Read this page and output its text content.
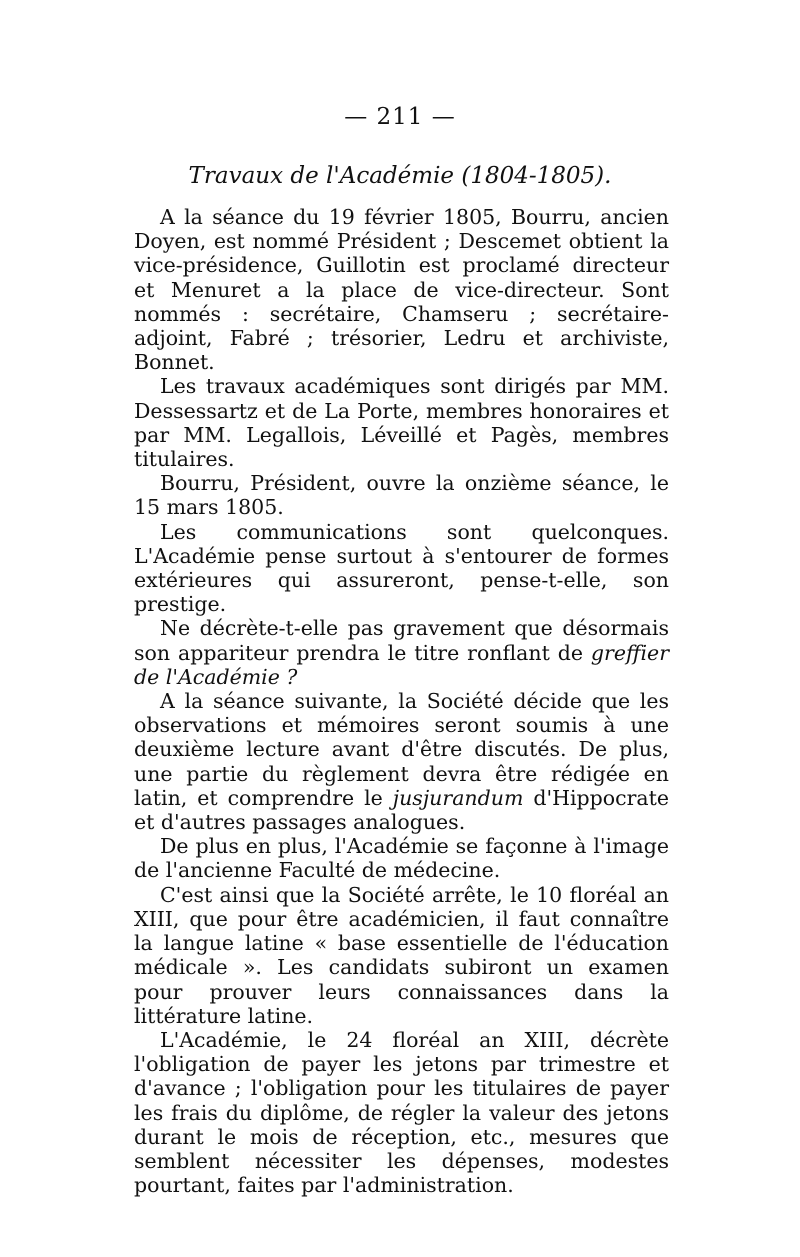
— 211 —
Travaux de l'Académie (1804-1805).

A la séance du 19 février 1805, Bourru, ancien Doyen, est nommé Président ; Descemet obtient la vice-présidence, Guillotin est proclamé directeur et Menuret a la place de vice-directeur. Sont nommés : secrétaire, Chamseru ; secrétaire-adjoint, Fabré ; trésorier, Ledru et archiviste, Bonnet.

Les travaux académiques sont dirigés par MM. Dessessartz et de La Porte, membres honoraires et par MM. Legallois, Léveillé et Pagès, membres titulaires.

Bourru, Président, ouvre la onzième séance, le 15 mars 1805.

Les communications sont quelconques. L'Académie pense surtout à s'entourer de formes extérieures qui assureront, pense-t-elle, son prestige.

Ne décrète-t-elle pas gravement que désormais son appariteur prendra le titre ronflant de greffier de l'Académie ?

A la séance suivante, la Société décide que les observations et mémoires seront soumis à une deuxième lecture avant d'être discutés. De plus, une partie du règlement devra être rédigée en latin, et comprendre le jusjurandum d'Hippocrate et d'autres passages analogues.

De plus en plus, l'Académie se façonne à l'image de l'ancienne Faculté de médecine.

C'est ainsi que la Société arrête, le 10 floréal an XIII, que pour être académicien, il faut connaître la langue latine « base essentielle de l'éducation médicale ». Les candidats subiront un examen pour prouver leurs connaissances dans la littérature latine.

L'Académie, le 24 floréal an XIII, décrète l'obligation de payer les jetons par trimestre et d'avance ; l'obligation pour les titulaires de payer les frais du diplôme, de régler la valeur des jetons durant le mois de réception, etc., mesures que semblent nécessiter les dépenses, modestes pourtant, faites par l'administration.
